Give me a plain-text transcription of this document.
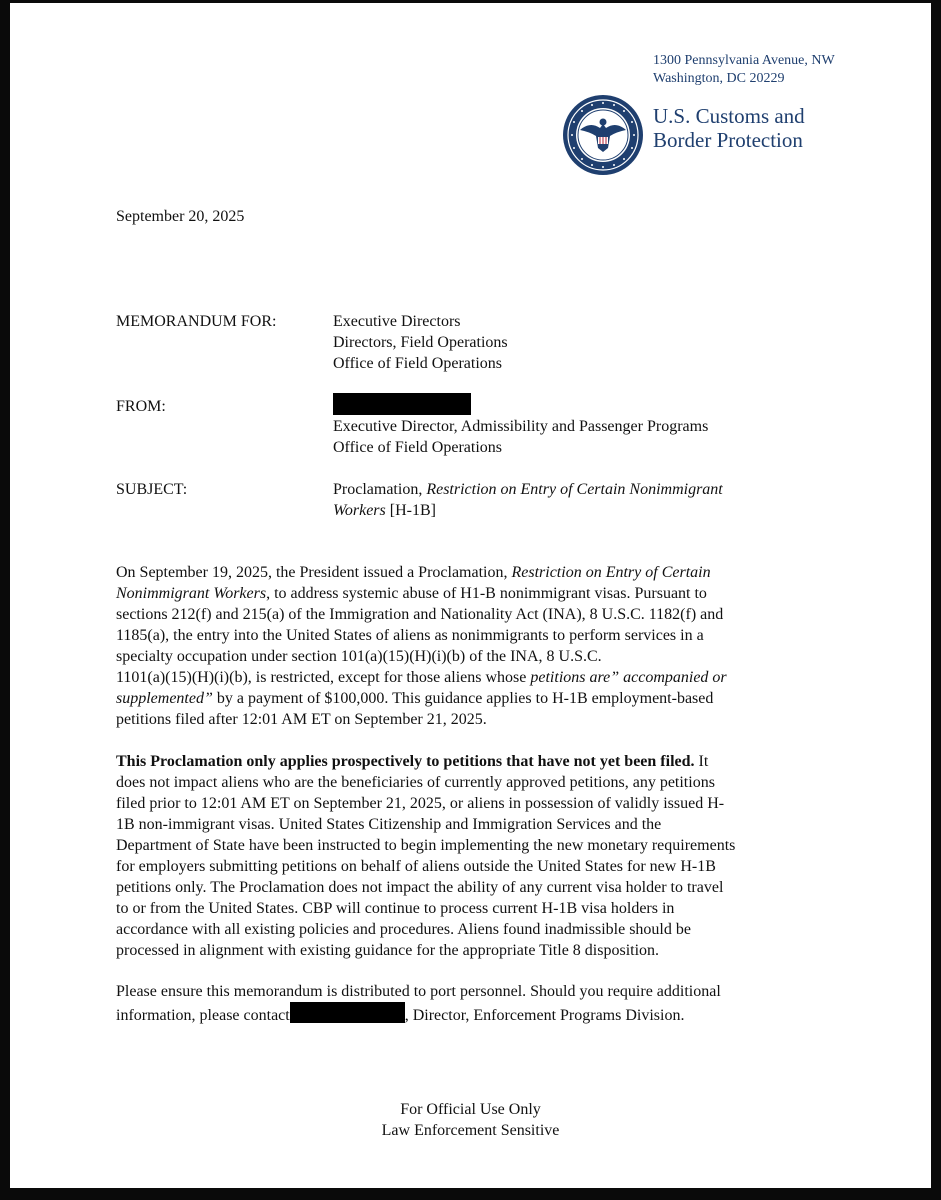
1300 Pennsylvania Avenue, NW
Washington, DC 20229
U.S. Customs and
Border Protection
September 20, 2025
MEMORANDUM FOR:	Executive Directors
Directors, Field Operations
Office of Field Operations
FROM:
Executive Director, Admissibility and Passenger Programs
Office of Field Operations
SUBJECT:	Proclamation, Restriction on Entry of Certain Nonimmigrant
Workers [H-1B]
On September 19, 2025, the President issued a Proclamation, Restriction on Entry of Certain
Nonimmigrant Workers, to address systemic abuse of H1-B nonimmigrant visas. Pursuant to
sections 212(f) and 215(a) of the Immigration and Nationality Act (INA), 8 U.S.C. 1182(f) and
1185(a), the entry into the United States of aliens as nonimmigrants to perform services in a
specialty occupation under section 101(a)(15)(H)(i)(b) of the INA, 8 U.S.C.
1101(a)(15)(H)(i)(b), is restricted, except for those aliens whose petitions are” accompanied or
supplemented” by a payment of $100,000. This guidance applies to H-1B employment-based
petitions filed after 12:01 AM ET on September 21, 2025.
This Proclamation only applies prospectively to petitions that have not yet been filed. It
does not impact aliens who are the beneficiaries of currently approved petitions, any petitions
filed prior to 12:01 AM ET on September 21, 2025, or aliens in possession of validly issued H-
1B non-immigrant visas. United States Citizenship and Immigration Services and the
Department of State have been instructed to begin implementing the new monetary requirements
for employers submitting petitions on behalf of aliens outside the United States for new H-1B
petitions only. The Proclamation does not impact the ability of any current visa holder to travel
to or from the United States. CBP will continue to process current H-1B visa holders in
accordance with all existing policies and procedures. Aliens found inadmissible should be
processed in alignment with existing guidance for the appropriate Title 8 disposition.
Please ensure this memorandum is distributed to port personnel. Should you require additional
information, please contact	, Director, Enforcement Programs Division.
For Official Use Only
Law Enforcement Sensitive
